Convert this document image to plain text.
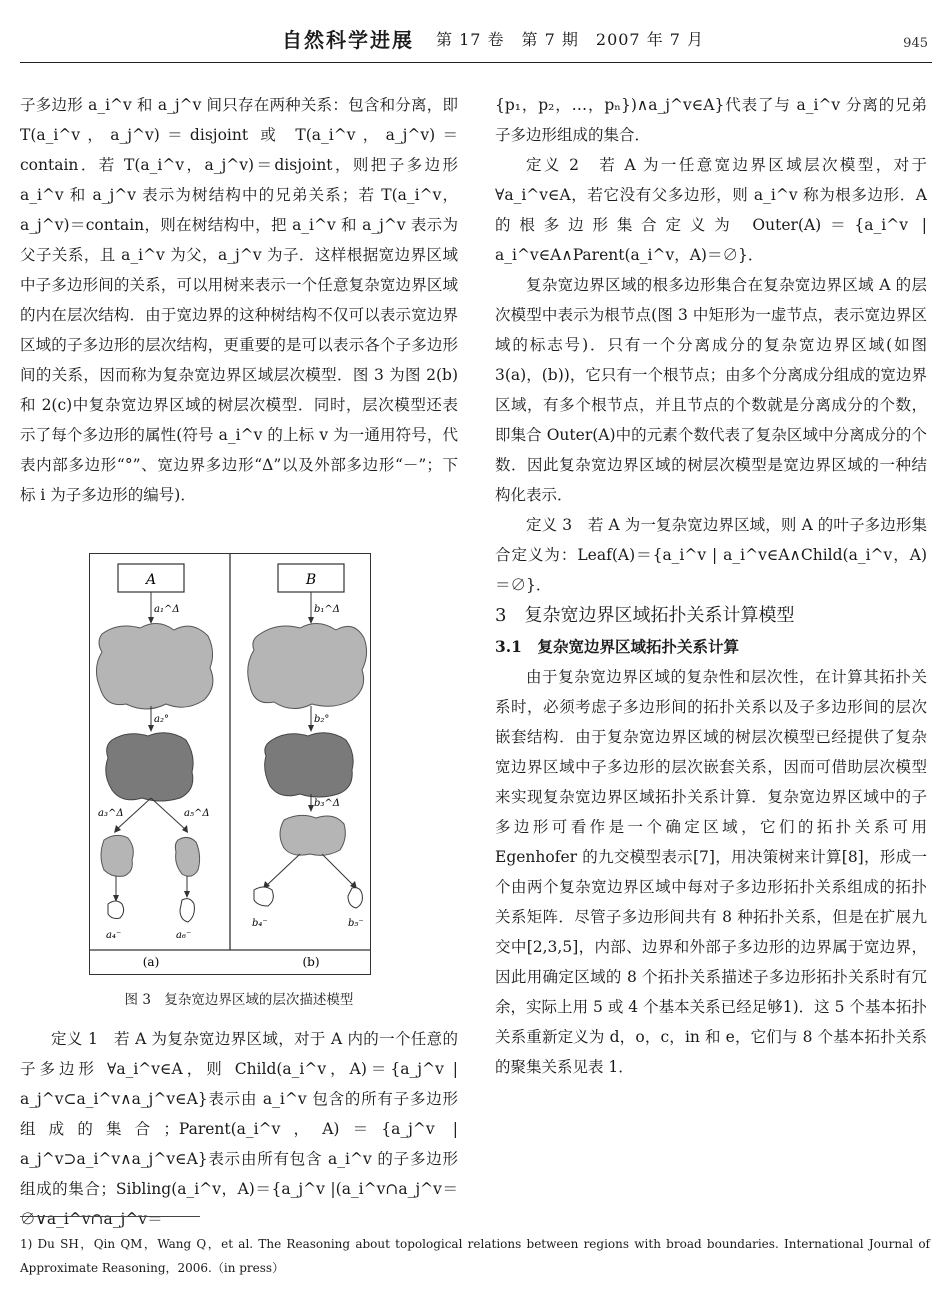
自然科学进展 第 17 卷　第 7 期　2007 年 7 月	945

子多边形 a_i^v 和 a_j^v 间只存在两种关系：包含和分离，即 T(a_i^v，a_j^v)＝disjoint 或 T(a_i^v，a_j^v)＝contain．若 T(a_i^v，a_j^v)＝disjoint，则把子多边形 a_i^v 和 a_j^v 表示为树结构中的兄弟关系；若 T(a_i^v，a_j^v)＝contain，则在树结构中，把 a_i^v 和 a_j^v 表示为父子关系，且 a_i^v 为父，a_j^v 为子．这样根据宽边界区域中子多边形间的关系，可以用树来表示一个任意复杂宽边界区域的内在层次结构．由于宽边界的这种树结构不仅可以表示宽边界区域的子多边形的层次结构，更重要的是可以表示各个子多边形间的关系，因而称为复杂宽边界区域层次模型．图 3 为图 2(b)和 2(c)中复杂宽边界区域的树层次模型．同时，层次模型还表示了每个多边形的属性(符号 a_i^v 的上标 v 为一通用符号，代表内部多边形“°”、宽边界多边形“Δ”以及外部多边形“－”；下标 i 为子多边形的编号)．

A
a₁^Δ
a₂°
a₃^Δ	a₅^Δ
a₄⁻	a₆⁻
(a)
B
b₁^Δ
b₂°
b₃^Δ
b₄⁻	b₅⁻
(b)
图 3　复杂宽边界区域的层次描述模型

定义 1　若 A 为复杂宽边界区域，对于 A 内的一个任意的子多边形 ∀a_i^v∈A，则 Child(a_i^v，A)＝{a_j^v | a_j^v⊂a_i^v∧a_j^v∈A}表示由 a_i^v 包含的所有子多边形组成的集合；Parent(a_i^v，A)＝{a_j^v | a_j^v⊃a_i^v∧a_j^v∈A}表示由所有包含 a_i^v 的子多边形组成的集合；Sibling(a_i^v，A)＝{a_j^v |(a_i^v∩a_j^v＝∅∨a_i^v∩a_j^v＝

{p₁，p₂，…，pₙ})∧a_j^v∈A}代表了与 a_i^v 分离的兄弟子多边形组成的集合．

定义 2　若 A 为一任意宽边界区域层次模型，对于∀a_i^v∈A，若它没有父多边形，则 a_i^v 称为根多边形．A 的根多边形集合定义为 Outer(A)＝{a_i^v | a_i^v∈A∧Parent(a_i^v，A)＝∅}．

复杂宽边界区域的根多边形集合在复杂宽边界区域 A 的层次模型中表示为根节点(图 3 中矩形为一虚节点，表示宽边界区域的标志号)．只有一个分离成分的复杂宽边界区域(如图 3(a)，(b))，它只有一个根节点；由多个分离成分组成的宽边界区域，有多个根节点，并且节点的个数就是分离成分的个数，即集合 Outer(A)中的元素个数代表了复杂区域中分离成分的个数．因此复杂宽边界区域的树层次模型是宽边界区域的一种结构化表示．

定义 3　若 A 为一复杂宽边界区域，则 A 的叶子多边形集合定义为：Leaf(A)＝{a_i^v | a_i^v∈A∧Child(a_i^v，A)＝∅}．

3　复杂宽边界区域拓扑关系计算模型

3.1　复杂宽边界区域拓扑关系计算

由于复杂宽边界区域的复杂性和层次性，在计算其拓扑关系时，必须考虑子多边形间的拓扑关系以及子多边形间的层次嵌套结构．由于复杂宽边界区域的树层次模型已经提供了复杂宽边界区域中子多边形的层次嵌套关系，因而可借助层次模型来实现复杂宽边界区域拓扑关系计算．复杂宽边界区域中的子多边形可看作是一个确定区域，它们的拓扑关系可用 Egenhofer 的九交模型表示[7]，用决策树来计算[8]，形成一个由两个复杂宽边界区域中每对子多边形拓扑关系组成的拓扑关系矩阵．尽管子多边形间共有 8 种拓扑关系，但是在扩展九交中[2,3,5]，内部、边界和外部子多边形的边界属于宽边界，因此用确定区域的 8 个拓扑关系描述子多边形拓扑关系时有冗余，实际上用 5 或 4 个基本关系已经足够1)．这 5 个基本拓扑关系重新定义为 d，o，c，in 和 e，它们与 8 个基本拓扑关系的聚集关系见表 1．

1) Du SH，Qin QM，Wang Q，et al. The Reasoning about topological relations between regions with broad boundaries. International Journal of Approximate Reasoning，2006.（in press）
